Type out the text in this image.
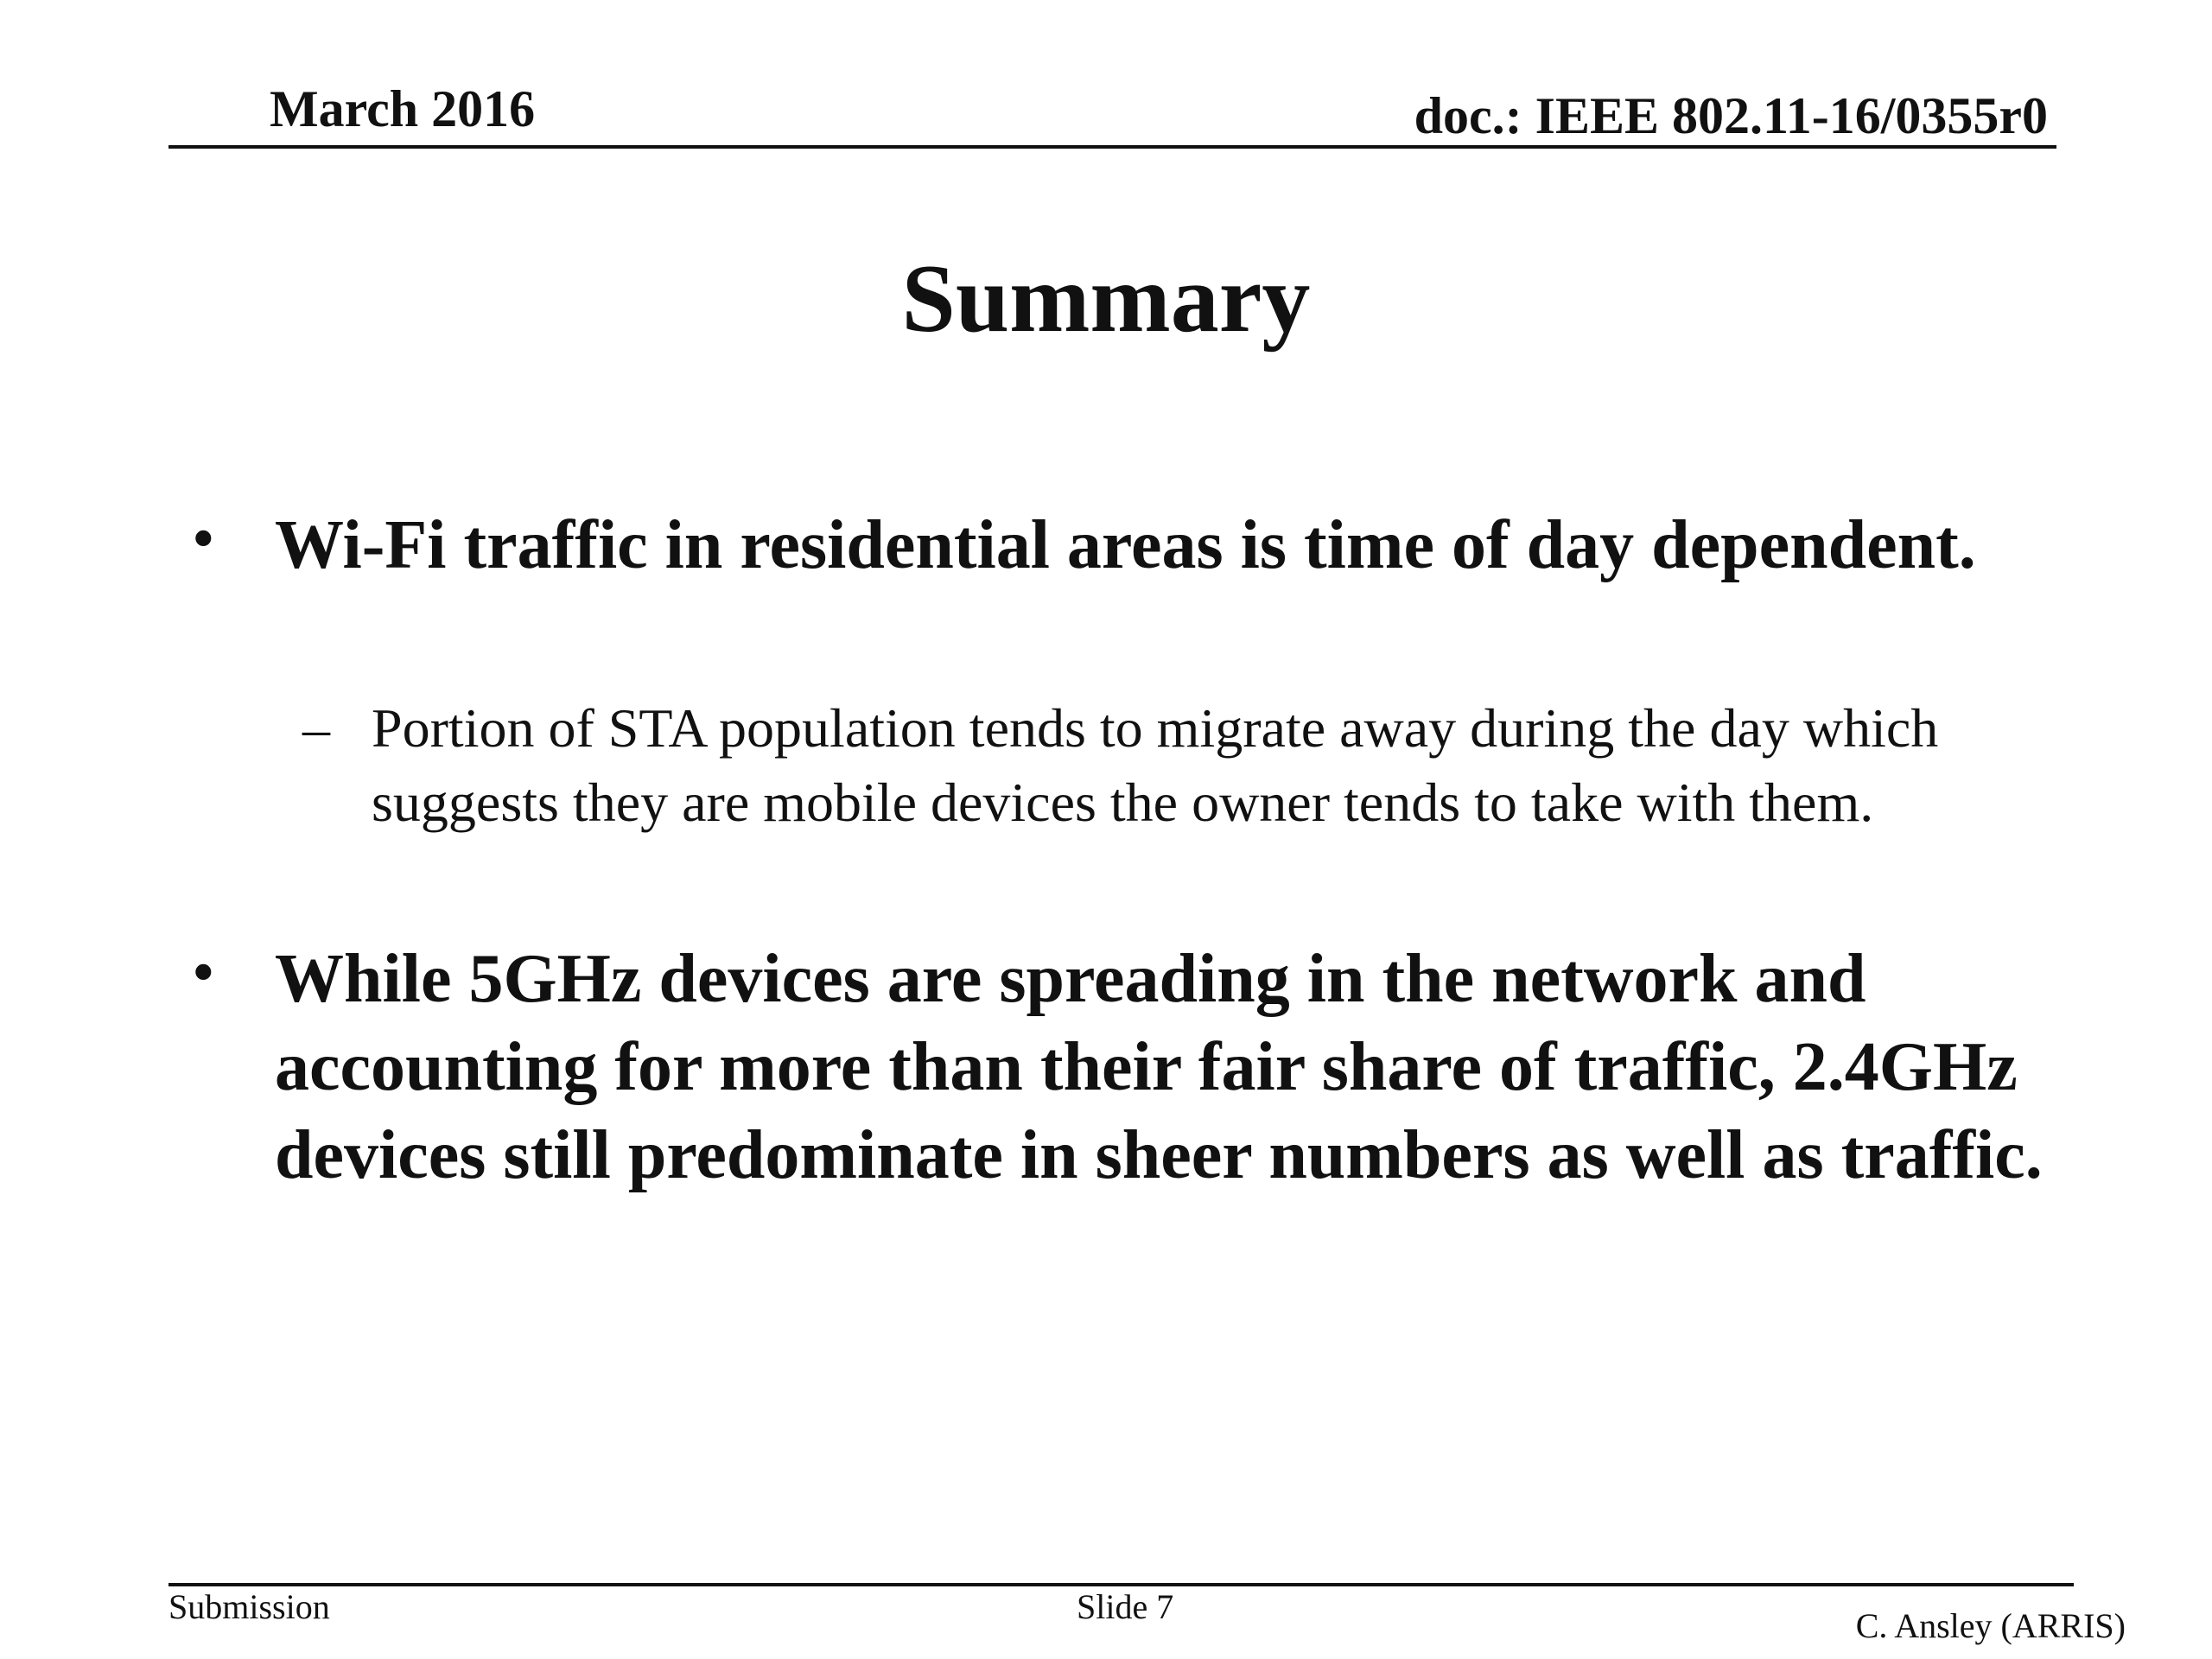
March 2016	doc.: IEEE 802.11-16/0355r0
Summary
• Wi-Fi traffic in residential areas is time of day dependent.
– Portion of STA population tends to migrate away during the day which suggests they are mobile devices the owner tends to take with them.
• While 5GHz devices are spreading in the network and accounting for more than their fair share of traffic, 2.4GHz devices still predominate in sheer numbers as well as traffic.
Submission	Slide 7	C. Ansley (ARRIS)
